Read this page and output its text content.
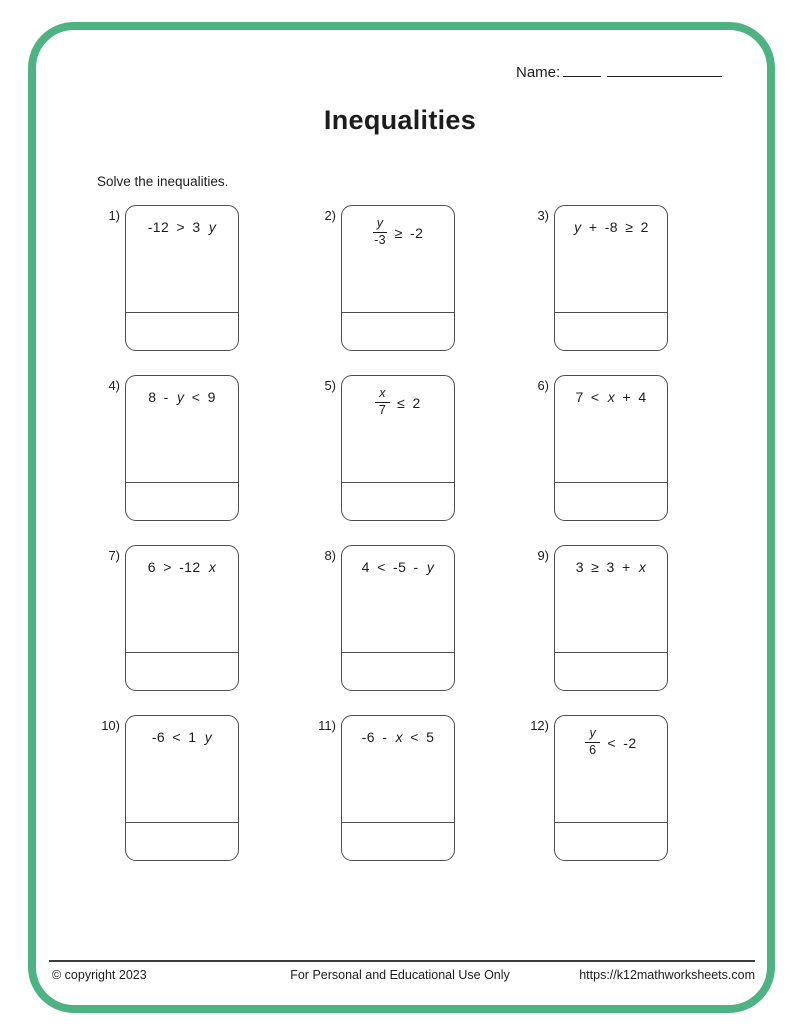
Name:
Inequalities
Solve the inequalities.
1)
-12 > 3 y
2)
$\frac{y}{-3} \ge -2$
3)
y + -8 ≥ 2
4)
8 - y < 9
5)
$\frac{x}{7} \le 2$
6)
7 < x + 4
7)
6 > -12 x
8)
4 < -5 - y
9)
3 ≥ 3 + x
10)
-6 < 1 y
11)
-6 - x < 5
12)
$\frac{y}{6} < -2$
© copyright 2023	For Personal and Educational Use Only	https://k12mathworksheets.com
